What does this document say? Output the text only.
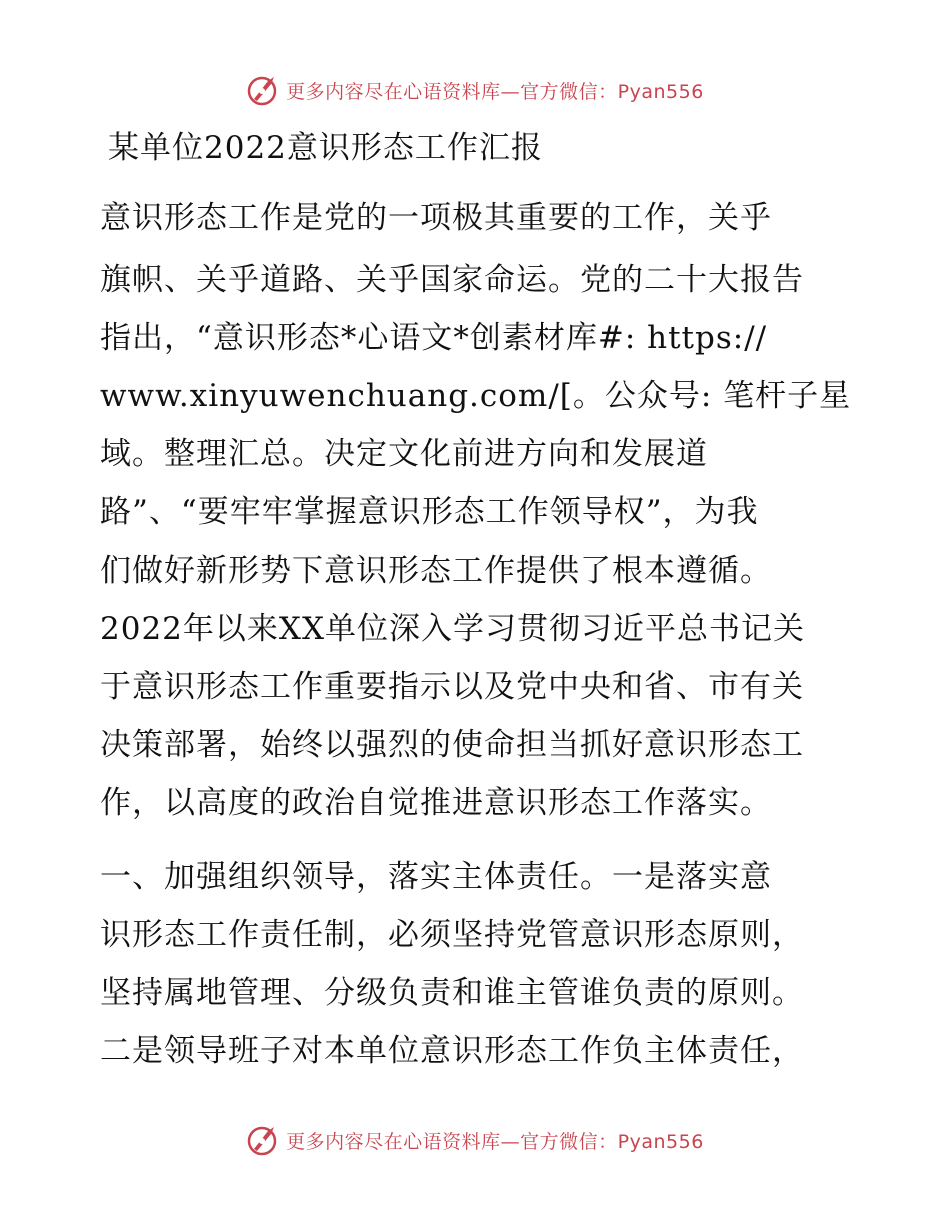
更多内容尽在心语资料库—官方微信：Pyan556
某单位2022意识形态工作汇报
意识形态工作是党的一项极其重要的工作，关乎
旗帜、关乎道路、关乎国家命运。党的二十大报告
指出，“意识形态*心语文*创素材库#: https://
www.xinyuwenchuang.com/[。公众号: 笔杆子星
域。整理汇总。决定文化前进方向和发展道
路”、“要牢牢掌握意识形态工作领导权”，为我
们做好新形势下意识形态工作提供了根本遵循。
2022年以来XX单位深入学习贯彻习近平总书记关
于意识形态工作重要指示以及党中央和省、市有关
决策部署，始终以强烈的使命担当抓好意识形态工
作，以高度的政治自觉推进意识形态工作落实。
一、加强组织领导，落实主体责任。一是落实意
识形态工作责任制，必须坚持党管意识形态原则，
坚持属地管理、分级负责和谁主管谁负责的原则。
二是领导班子对本单位意识形态工作负主体责任，
更多内容尽在心语资料库—官方微信：Pyan556
